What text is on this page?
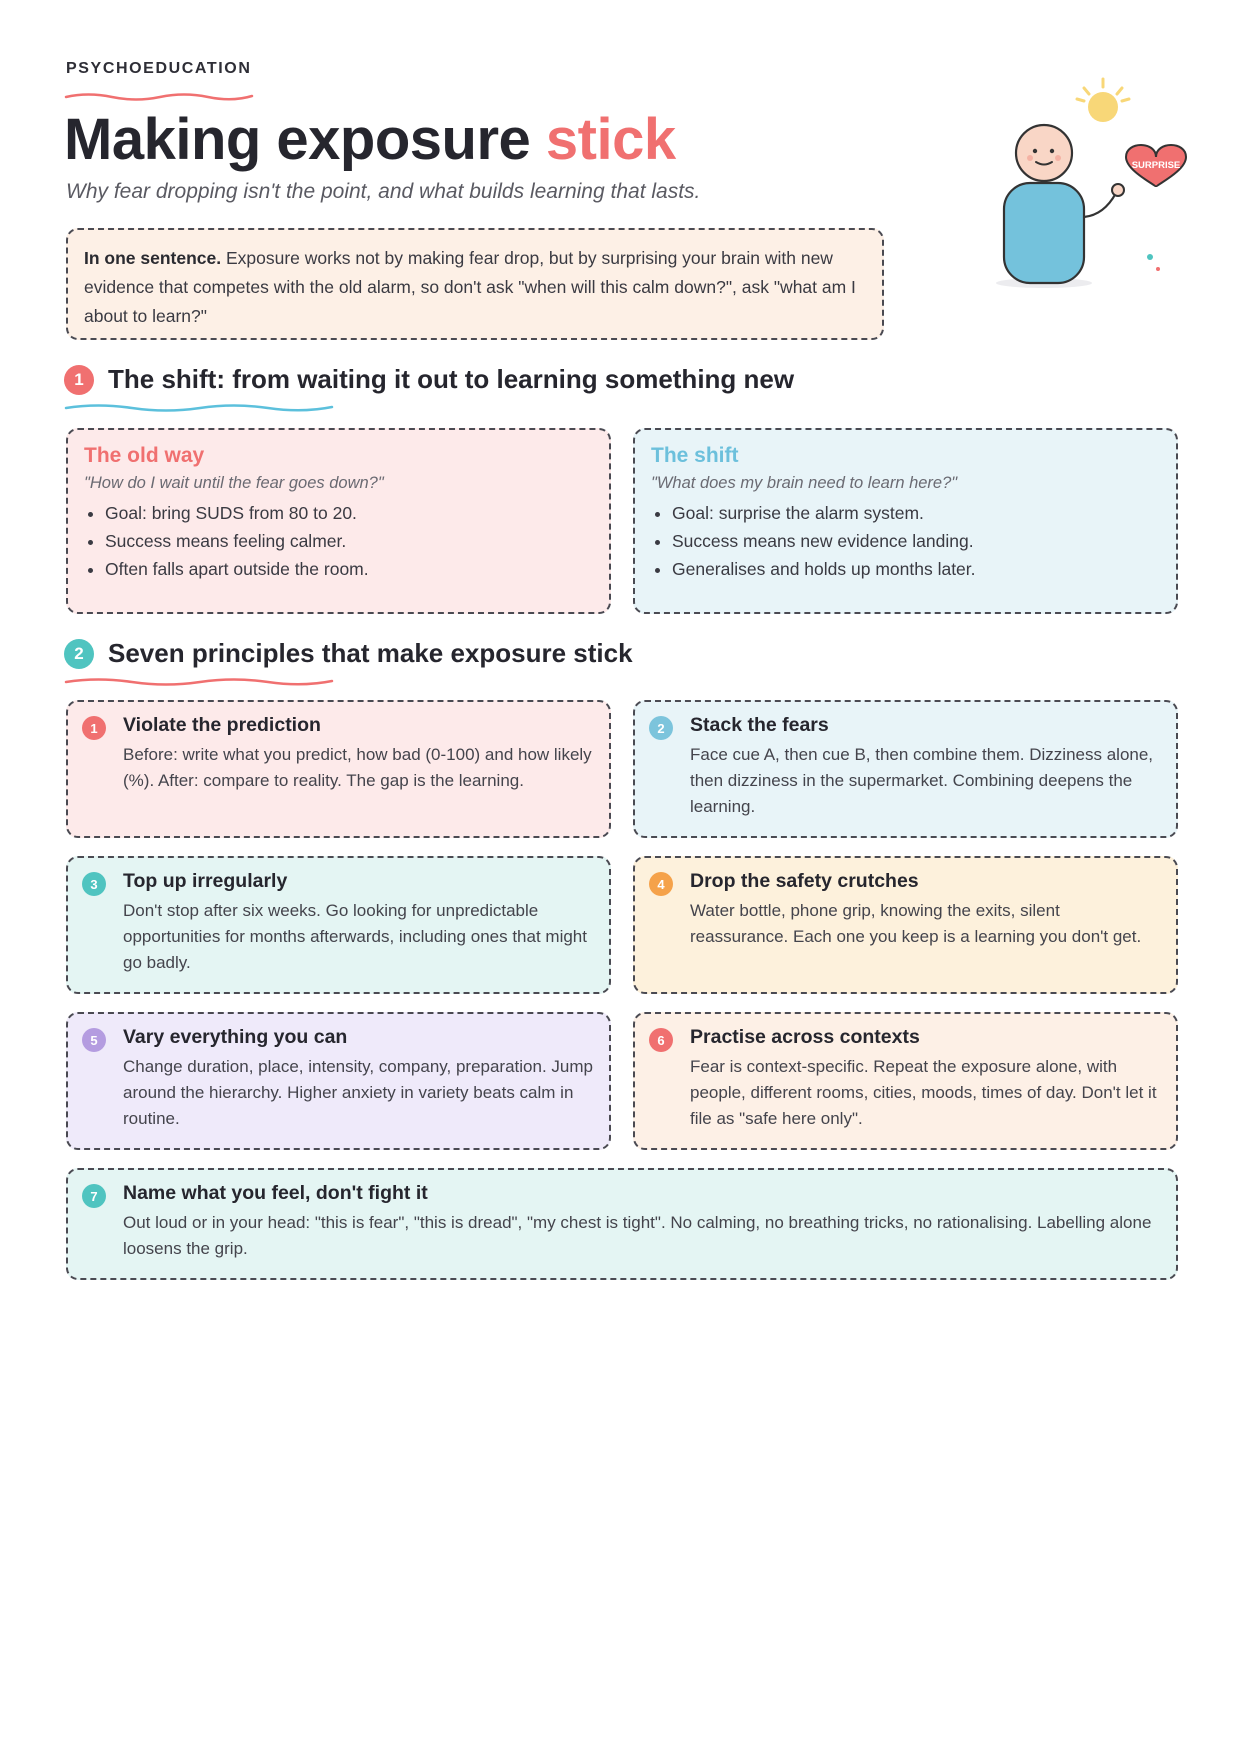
PSYCHOEDUCATION
Making exposure stick

Why fear dropping isn't the point, and what builds learning that lasts.

SURPRISE
In one sentence. Exposure works not by making fear drop, but by surprising your brain with new evidence that competes with the old alarm, so don't ask "when will this calm down?", ask "what am I about to learn?"
1 The shift: from waiting it out to learning something new
The old way
"How do I wait until the fear goes down?"
• Goal: bring SUDS from 80 to 20.
• Success means feeling calmer.
• Often falls apart outside the room.
The shift
"What does my brain need to learn here?"
• Goal: surprise the alarm system.
• Success means new evidence landing.
• Generalises and holds up months later.
2 Seven principles that make exposure stick
1	Violate the prediction

Before: write what you predict, how bad (0-100) and how likely (%). After: compare to reality. The gap is the learning.

2	Stack the fears

Face cue A, then cue B, then combine them. Dizziness alone, then dizziness in the supermarket. Combining deepens the learning.

3	Top up irregularly

Don't stop after six weeks. Go looking for unpredictable opportunities for months afterwards, including ones that might go badly.

4	Drop the safety crutches

Water bottle, phone grip, knowing the exits, silent reassurance. Each one you keep is a learning you don't get.

5	Vary everything you can

Change duration, place, intensity, company, preparation. Jump around the hierarchy. Higher anxiety in variety beats calm in routine.

6	Practise across contexts

Fear is context-specific. Repeat the exposure alone, with people, different rooms, cities, moods, times of day. Don't let it file as "safe here only".

7	Name what you feel, don't fight it

Out loud or in your head: "this is fear", "this is dread", "my chest is tight". No calming, no breathing tricks, no rationalising. Labelling alone loosens the grip.
